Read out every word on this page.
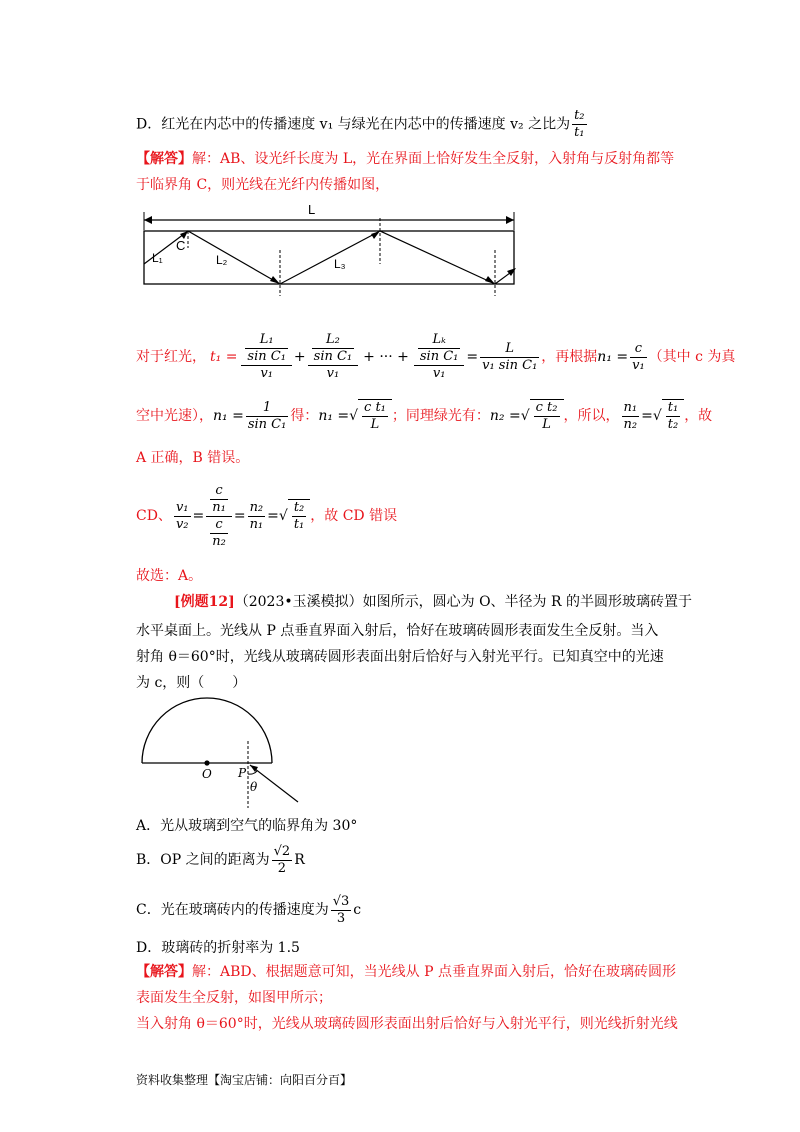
D．红光在内芯中的传播速度 v₁ 与绿光在内芯中的传播速度 v₂ 之比为 $\frac{\text{t₂}}{\text{t₁}}$
【解答】解：AB、设光纤长度为 L，光在界面上恰好发生全反射，入射角与反射角都等
于临界角 C，则光线在光纤内传播如图，
L
C
L₁	L₂	L₃
对于红光， $t_1 = \frac{\frac{\text{L₁}}{\text{sin C₁}}}{\text{v₁}} + \frac{\frac{\text{L₂}}{\text{sin C₁}}}{\text{v₁}}$ + ··· + $\frac{\frac{\text{Lₖ}}{\text{sin C₁}}}{\text{v₁}} = \frac{L}{\text{v₁ sin C₁}}$ ，再根据 $n_1 = \frac{c}{\text{v₁}}$ （其中 c 为真
空中光速）， $n_1 = \frac{1}{\text{sin C₁}}$ 得： n₁ = √ $\frac{\text{c t₁}}{L}$ ；同理绿光有： n₂ = √ $\frac{\text{c t₂}}{L}$ ，所以， $\frac{\text{n₁}}{\text{n₂}}$ = √ $\frac{\text{t₁}}{\text{t₂}}$ ，故
A 正确，B 错误。
CD、 $\frac{\text{v₁}}{\text{v₂}} = \frac{\frac{c}{\text{n₁}}}{\frac{c}{\text{n₂}}} = \frac{\text{n₂}}{\text{n₁}}$ = √ $\frac{\text{t₂}}{\text{t₁}}$ ，故 CD 错误
故选：A。
[例题12]（2023•玉溪模拟）如图所示，圆心为 O、半径为 R 的半圆形玻璃砖置于
水平桌面上。光线从 P 点垂直界面入射后，恰好在玻璃砖圆形表面发生全反射。当入
射角 θ＝60°时，光线从玻璃砖圆形表面出射后恰好与入射光平行。已知真空中的光速
为 c，则（　　）
O P
θ
A．光从玻璃到空气的临界角为 30°
B．OP 之间的距离为 $\frac{√2}{2}$ R
C．光在玻璃砖内的传播速度为 $\frac{√3}{3}$ c
D．玻璃砖的折射率为 1.5
【解答】解：ABD、根据题意可知，当光线从 P 点垂直界面入射后，恰好在玻璃砖圆形
表面发生全反射，如图甲所示；
当入射角 θ＝60°时，光线从玻璃砖圆形表面出射后恰好与入射光平行，则光线折射光线
资料收集整理【淘宝店铺：向阳百分百】
